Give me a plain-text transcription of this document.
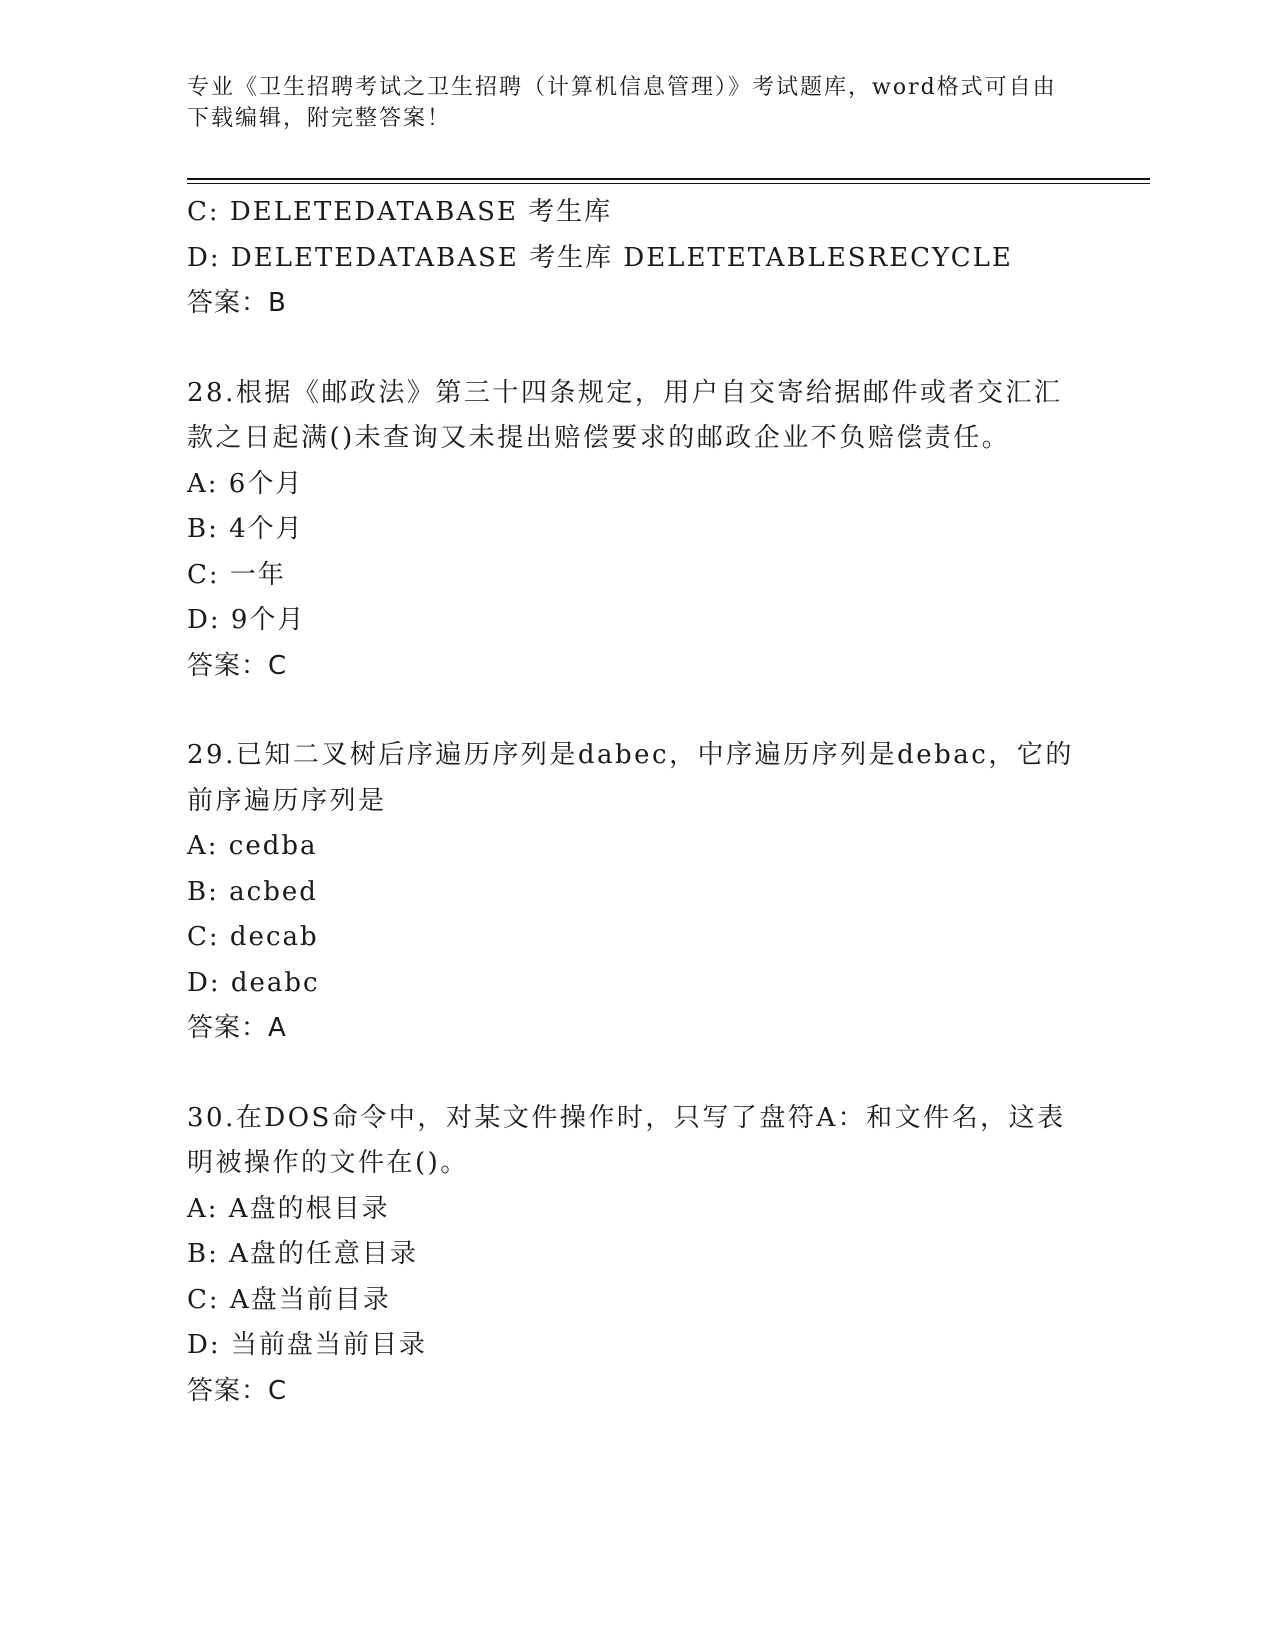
专业《卫生招聘考试之卫生招聘（计算机信息管理）》考试题库，word格式可自由下载编辑，附完整答案！
C: DELETEDATABASE 考生库
D: DELETEDATABASE 考生库 DELETETABLESRECYCLE
答案：B
28.根据《邮政法》第三十四条规定，用户自交寄给据邮件或者交汇汇款之日起满()未查询又未提出赔偿要求的邮政企业不负赔偿责任。
A: 6个月
B: 4个月
C: 一年
D: 9个月
答案：C
29.已知二叉树后序遍历序列是dabec，中序遍历序列是debac，它的前序遍历序列是
A: cedba
B: acbed
C: decab
D: deabc
答案：A
30.在DOS命令中，对某文件操作时，只写了盘符A：和文件名，这表明被操作的文件在()。
A: A盘的根目录
B: A盘的任意目录
C: A盘当前目录
D: 当前盘当前目录
答案：C
